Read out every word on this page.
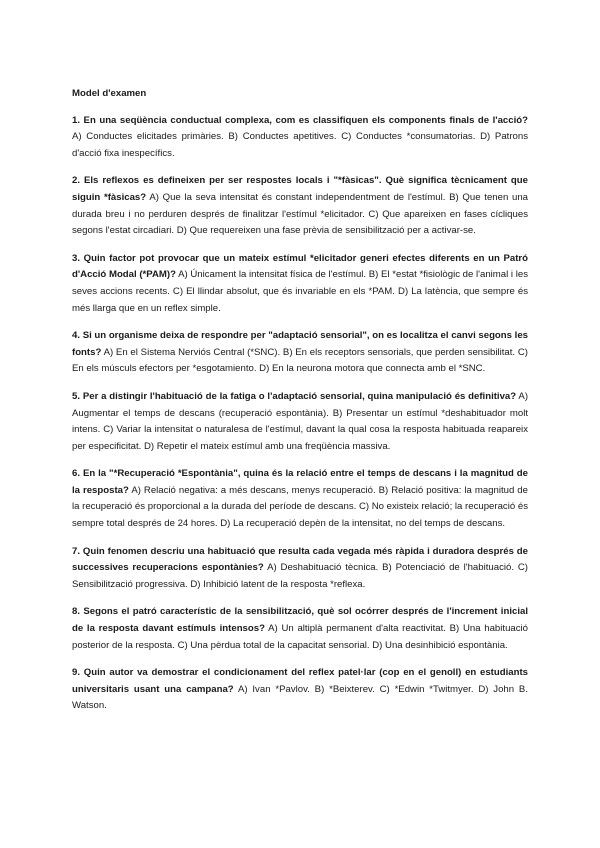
Model d'examen

1. En una seqüència conductual complexa, com es classifiquen els components finals de l'acció? A) Conductes elicitades primàries. B) Conductes apetitives. C) Conductes *consumatorias. D) Patrons d'acció fixa inespecífics.

2. Els reflexos es defineixen per ser respostes locals i "*fàsicas". Què significa tècnicament que siguin *fàsicas? A) Que la seva intensitat és constant independentment de l'estímul. B) Que tenen una durada breu i no perduren després de finalitzar l'estímul *elicitador. C) Que apareixen en fases cícliques segons l'estat circadiari. D) Que requereixen una fase prèvia de sensibilització per a activar-se.

3. Quin factor pot provocar que un mateix estímul *elicitador generi efectes diferents en un Patró d'Acció Modal (*PAM)? A) Únicament la intensitat física de l'estímul. B) El *estat *fisiològic de l'animal i les seves accions recents. C) El llindar absolut, que és invariable en els *PAM. D) La latència, que sempre és més llarga que en un reflex simple.

4. Si un organisme deixa de respondre per "adaptació sensorial", on es localitza el canvi segons les fonts? A) En el Sistema Nerviós Central (*SNC). B) En els receptors sensorials, que perden sensibilitat. C) En els músculs efectors per *esgotamiento. D) En la neurona motora que connecta amb el *SNC.

5. Per a distingir l'habituació de la fatiga o l'adaptació sensorial, quina manipulació és definitiva? A) Augmentar el temps de descans (recuperació espontània). B) Presentar un estímul *deshabituador molt intens. C) Variar la intensitat o naturalesa de l'estímul, davant la qual cosa la resposta habituada reapareix per especificitat. D) Repetir el mateix estímul amb una freqüència massiva.

6. En la "*Recuperació *Espontània", quina és la relació entre el temps de descans i la magnitud de la resposta? A) Relació negativa: a més descans, menys recuperació. B) Relació positiva: la magnitud de la recuperació és proporcional a la durada del període de descans. C) No existeix relació; la recuperació és sempre total després de 24 hores. D) La recuperació depèn de la intensitat, no del temps de descans.

7. Quin fenomen descriu una habituació que resulta cada vegada més ràpida i duradora després de successives recuperacions espontànies? A) Deshabituació tècnica. B) Potenciació de l'habituació. C) Sensibilització progressiva. D) Inhibició latent de la resposta *reflexa.

8. Segons el patró característic de la sensibilització, què sol ocórrer després de l'increment inicial de la resposta davant estímuls intensos? A) Un altiplà permanent d'alta reactivitat. B) Una habituació posterior de la resposta. C) Una pèrdua total de la capacitat sensorial. D) Una desinhibició espontània.

9. Quin autor va demostrar el condicionament del reflex patel·lar (cop en el genoll) en estudiants universitaris usant una campana? A) Ivan *Pavlov. B) *Beixterev. C) *Edwin *Twitmyer. D) John B. Watson.
